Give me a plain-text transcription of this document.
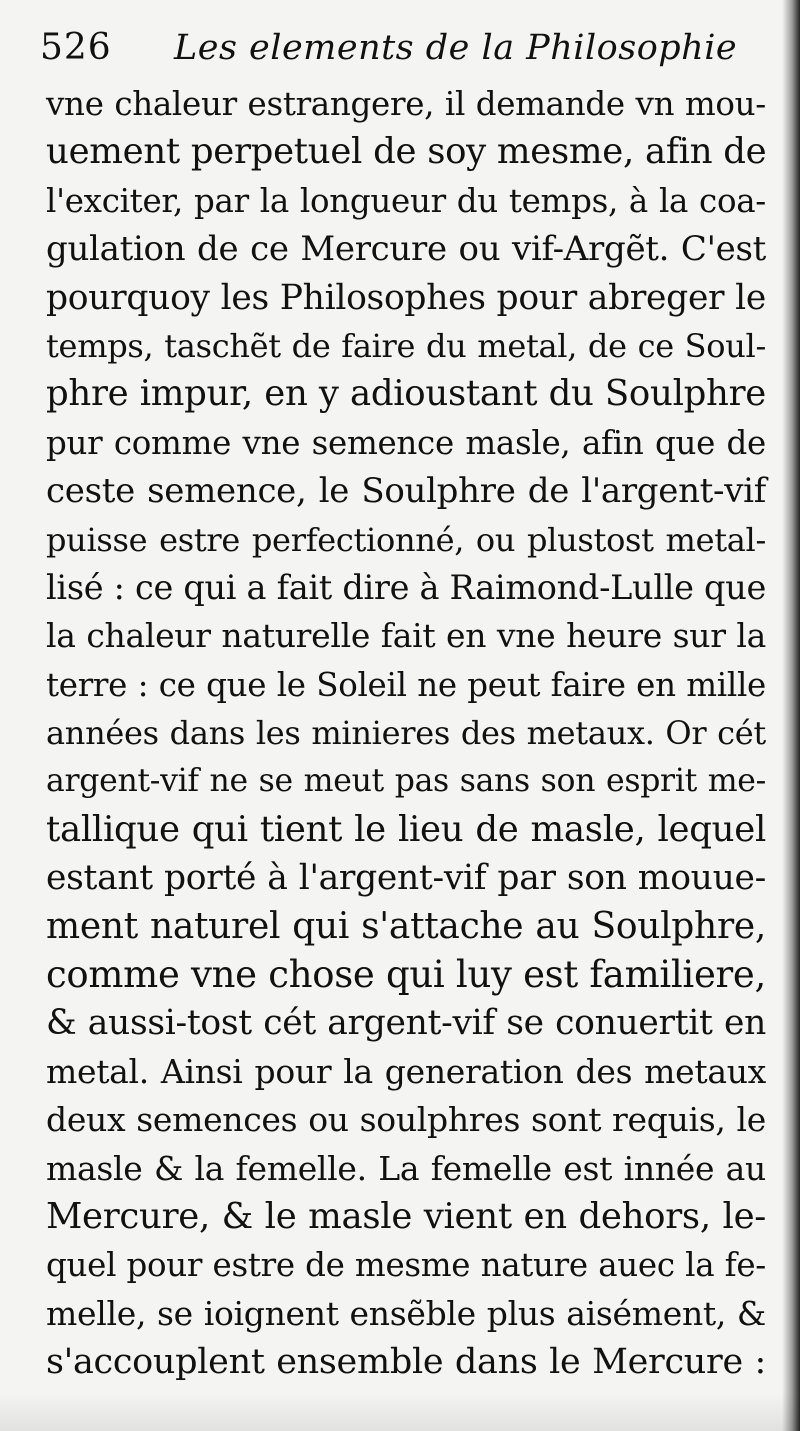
526 Les elements de la Philosophie
vne chaleur estrangere, il demande vn mou-
uement perpetuel de soy mesme, afin de
l'exciter, par la longueur du temps, à la coa-
gulation de ce Mercure ou vif-Argẽt. C'est
pourquoy les Philosophes pour abreger le
temps, taschẽt de faire du metal, de ce Soul-
phre impur, en y adioustant du Soulphre
pur comme vne semence masle, afin que de
ceste semence, le Soulphre de l'argent-vif
puisse estre perfectionné, ou plustost metal-
lisé : ce qui a fait dire à Raimond-Lulle que
la chaleur naturelle fait en vne heure sur la
terre : ce que le Soleil ne peut faire en mille
années dans les minieres des metaux. Or cét
argent-vif ne se meut pas sans son esprit me-
tallique qui tient le lieu de masle, lequel
estant porté à l'argent-vif par son mouue-
ment naturel qui s'attache au Soulphre,
comme vne chose qui luy est familiere,
& aussi-tost cét argent-vif se conuertit en
metal. Ainsi pour la generation des metaux
deux semences ou soulphres sont requis, le
masle & la femelle. La femelle est innée au
Mercure, & le masle vient en dehors, le-
quel pour estre de mesme nature auec la fe-
melle, se ioignent ensẽble plus aisément, &
s'accouplent ensemble dans le Mercure :
